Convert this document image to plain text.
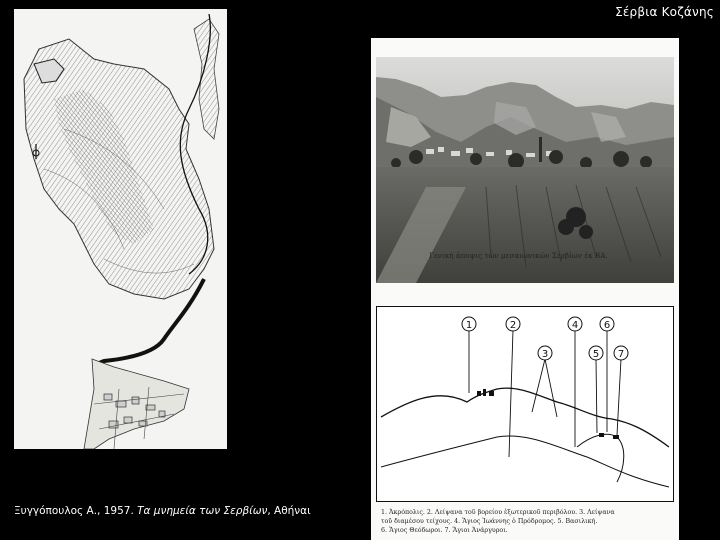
Σέρβια Κοζάνης
Γενική άποψις τών μεσαιωνικών Σερβίων έκ ΒΑ.
1	2
3
4
5
6
7
1. Ἀκρόπολις. 2. Λείψανα τοῦ βορείου ἐξωτερικοῦ περιβόλου. 3. Λείψανα
τοῦ διαμέσου τείχους. 4. Ἅγιος Ἰωάννης ὁ Πρόδρομος. 5. Βασιλική.
6. Ἅγιος Θεόδωροι. 7. Ἅγιοι Ἀνάργυροι.
Ξυγγόπουλος Α., 1957. Τα μνημεία των Σερβίων, Αθήναι
